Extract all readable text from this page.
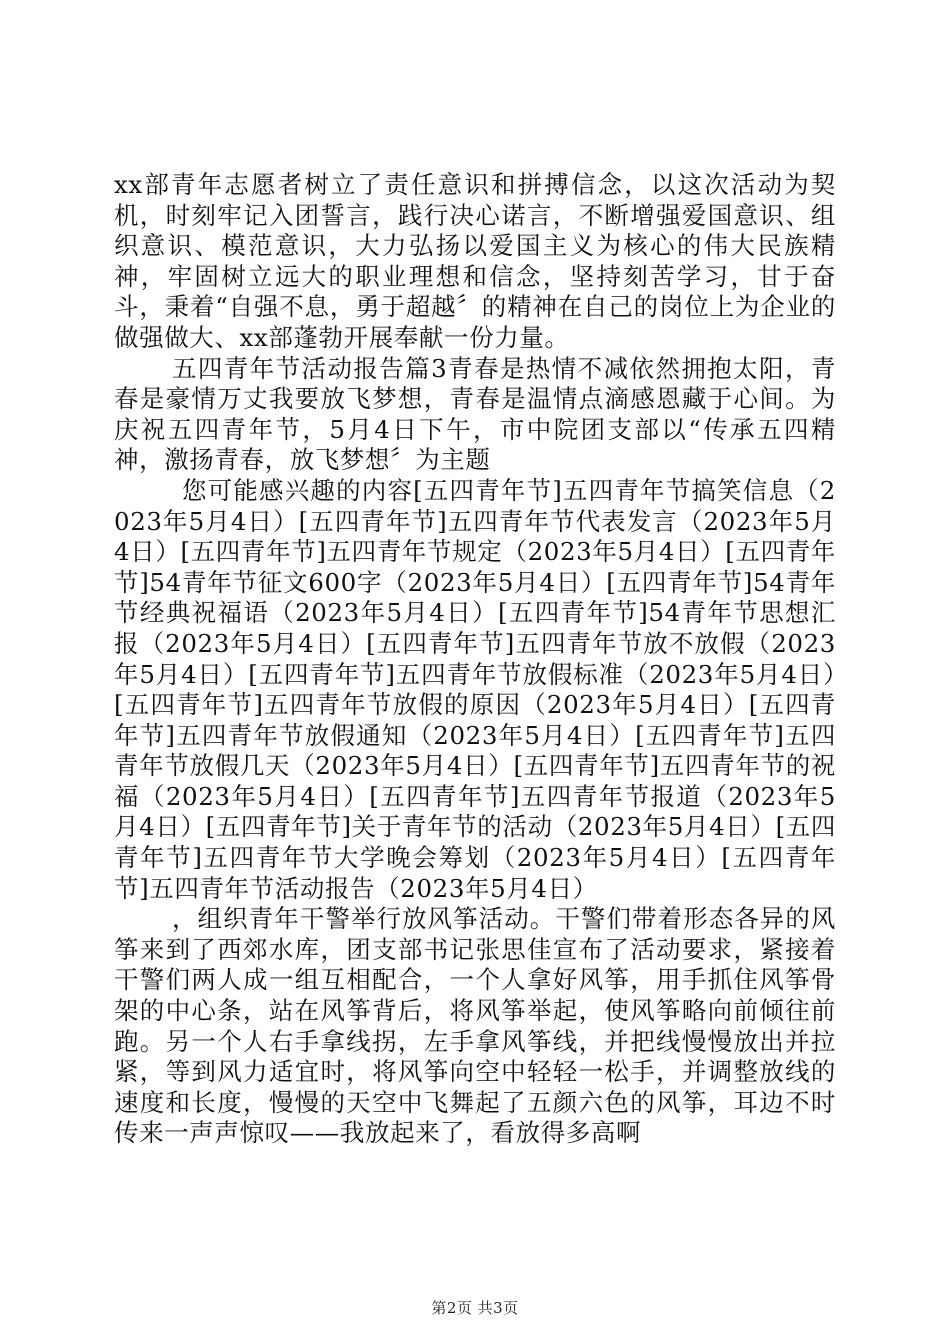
xx部青年志愿者树立了责任意识和拼搏信念，以这次活动为契机，时刻牢记入团誓言，践行决心诺言，不断增强爱国意识、组织意识、模范意识，大力弘扬以爱国主义为核心的伟大民族精神，牢固树立远大的职业理想和信念，坚持刻苦学习，甘于奋斗，秉着“自强不息，勇于超越〞的精神在自己的岗位上为企业的做强做大、xx部蓬勃开展奉献一份力量。

五四青年节活动报告篇3青春是热情不减依然拥抱太阳，青春是豪情万丈我要放飞梦想，青春是温情点滴感恩藏于心间。为庆祝五四青年节，5月4日下午，市中院团支部以“传承五四精神，激扬青春，放飞梦想〞为主题

您可能感兴趣的内容[五四青年节]五四青年节搞笑信息（2023年5月4日）[五四青年节]五四青年节代表发言（2023年5月4日）[五四青年节]五四青年节规定（2023年5月4日）[五四青年节]54青年节征文600字（2023年5月4日）[五四青年节]54青年节经典祝福语（2023年5月4日）[五四青年节]54青年节思想汇报（2023年5月4日）[五四青年节]五四青年节放不放假（2023年5月4日）[五四青年节]五四青年节放假标准（2023年5月4日）[五四青年节]五四青年节放假的原因（2023年5月4日）[五四青年节]五四青年节放假通知（2023年5月4日）[五四青年节]五四青年节放假几天（2023年5月4日）[五四青年节]五四青年节的祝福（2023年5月4日）[五四青年节]五四青年节报道（2023年5月4日）[五四青年节]关于青年节的活动（2023年5月4日）[五四青年节]五四青年节大学晚会筹划（2023年5月4日）[五四青年节]五四青年节活动报告（2023年5月4日）

，组织青年干警举行放风筝活动。干警们带着形态各异的风筝来到了西郊水库，团支部书记张思佳宣布了活动要求，紧接着干警们两人成一组互相配合，一个人拿好风筝，用手抓住风筝骨架的中心条，站在风筝背后，将风筝举起，使风筝略向前倾往前跑。另一个人右手拿线拐，左手拿风筝线，并把线慢慢放出并拉紧，等到风力适宜时，将风筝向空中轻轻一松手，并调整放线的速度和长度，慢慢的天空中飞舞起了五颜六色的风筝，耳边不时传来一声声惊叹——我放起来了，看放得多高啊

第2页 共3页
